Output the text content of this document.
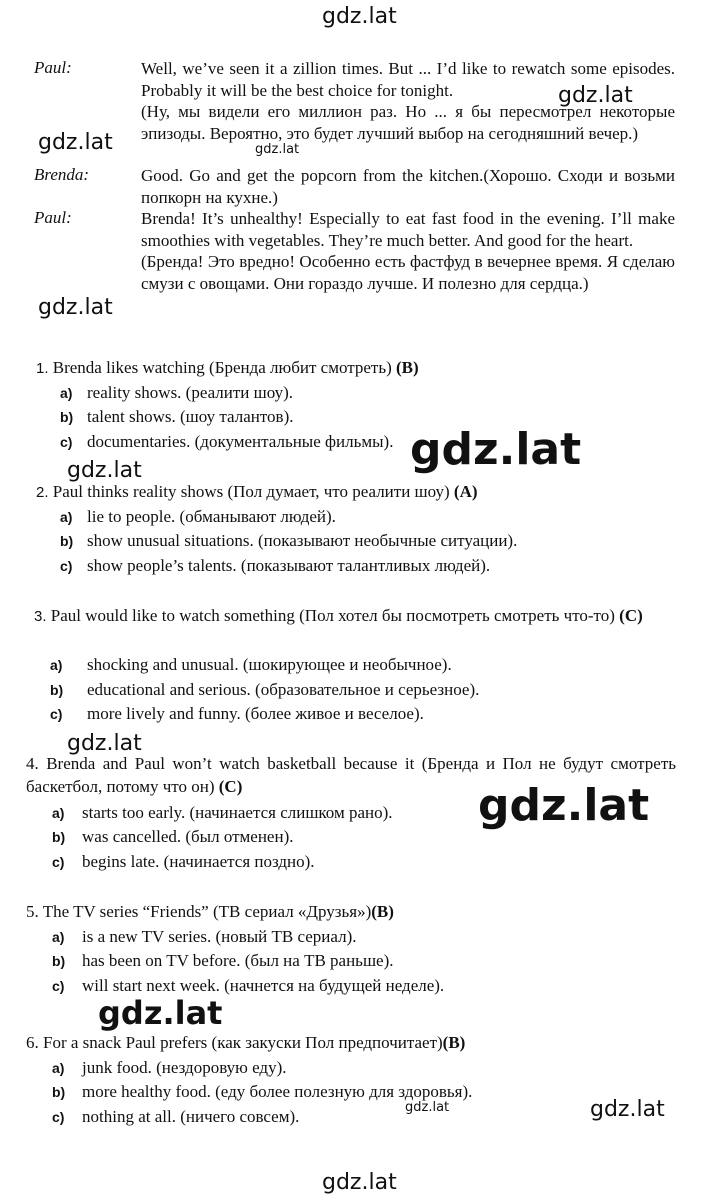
gdz.lat
gdz.lat
gdz.lat	gdz.lat
gdz.lat
gdz.lat
gdz.lat
gdz.lat
gdz.lat
gdz.lat
gdz.lat	gdz.lat
gdz.lat
Paul:	Well, we’ve seen it a zillion times. But ... I’d like to rewatch some episodes. Probably it will be the best choice for tonight.
(Ну, мы видели его миллион раз. Но ... я бы пересмотрел некоторые эпизоды. Вероятно, это будет лучший выбор на сегодняшний вечер.)
Brenda:	Good. Go and get the popcorn from the kitchen.(Хорошо. Сходи и возьми попкорн на кухне.)
Paul:	Brenda! It’s unhealthy! Especially to eat fast food in the evening. I’ll make smoothies with vegetables. They’re much better. And good for the heart.
(Бренда! Это вредно! Особенно есть фастфуд в вечернее время. Я сделаю смузи с овощами. Они гораздо лучше. И полезно для сердца.)
1. Brenda likes watching (Бренда любит смотреть) (B)
a) reality shows. (реалити шоу).
b) talent shows. (шоу талантов).
c) documentaries. (документальные фильмы).
2. Paul thinks reality shows (Пол думает, что реалити шоу) (A)
a) lie to people. (обманывают людей).
b) show unusual situations. (показывают необычные ситуации).
c) show people’s talents. (показывают талантливых людей).
3. Paul would like to watch something (Пол хотел бы посмотреть смотреть что-то) (C)
a) shocking and unusual. (шокирующее и необычное).
b) educational and serious. (образовательное и серьезное).
c) more lively and funny. (более живое и веселое).
4. Brenda and Paul won’t watch basketball because it (Бренда и Пол не будут смотреть баскетбол, потому что он) (C)
a) starts too early. (начинается слишком рано).
b) was cancelled. (был отменен).
c) begins late. (начинается поздно).
5. The TV series “Friends” (ТВ сериал «Друзья»)(B)
a) is a new TV series. (новый ТВ сериал).
b) has been on TV before. (был на ТВ раньше).
c) will start next week. (начнется на будущей неделе).
6. For a snack Paul prefers (как закуски Пол предпочитает)(B)
a) junk food. (нездоровую еду).
b) more healthy food. (еду более полезную для здоровья).
c) nothing at all. (ничего совсем).
